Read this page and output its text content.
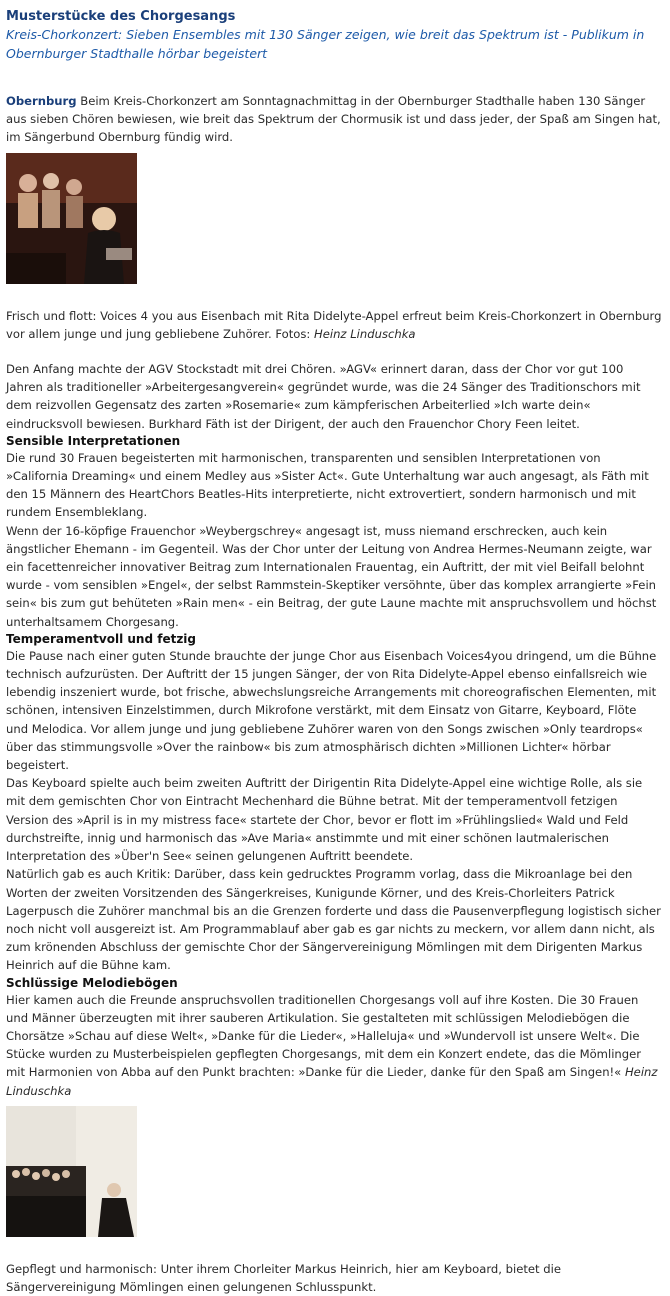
Musterstücke des Chorgesangs

Kreis-Chorkonzert: Sieben Ensembles mit 130 Sänger zeigen, wie breit das Spektrum ist - Publikum in Obernburger Stadthalle hörbar begeistert

Obernburg Beim Kreis-Chorkonzert am Sonntagnachmittag in der Obernburger Stadthalle haben 130 Sänger aus sieben Chören bewiesen, wie breit das Spektrum der Chormusik ist und dass jeder, der Spaß am Singen hat, im Sängerbund Obernburg fündig wird.

Frisch und flott: Voices 4 you aus Eisenbach mit Rita Didelyte-Appel erfreut beim Kreis-Chorkonzert in Obernburg vor allem junge und jung gebliebene Zuhörer. Fotos: Heinz Linduschka

Den Anfang machte der AGV Stockstadt mit drei Chören. »AGV« erinnert daran, dass der Chor vor gut 100 Jahren als traditioneller »Arbeitergesangverein« gegründet wurde, was die 24 Sänger des Traditionschors mit dem reizvollen Gegensatz des zarten »Rosemarie« zum kämpferischen Arbeiterlied »Ich warte dein« eindrucksvoll bewiesen. Burkhard Fäth ist der Dirigent, der auch den Frauenchor Chory Feen leitet.

Sensible Interpretationen

Die rund 30 Frauen begeisterten mit harmonischen, transparenten und sensiblen Interpretationen von »California Dreaming« und einem Medley aus »Sister Act«. Gute Unterhaltung war auch angesagt, als Fäth mit den 15 Männern des HeartChors Beatles-Hits interpretierte, nicht extrovertiert, sondern harmonisch und mit rundem Ensembleklang.

Wenn der 16-köpfige Frauenchor »Weybergschrey« angesagt ist, muss niemand erschrecken, auch kein ängstlicher Ehemann - im Gegenteil. Was der Chor unter der Leitung von Andrea Hermes-Neumann zeigte, war ein facettenreicher innovativer Beitrag zum Internationalen Frauentag, ein Auftritt, der mit viel Beifall belohnt wurde - vom sensiblen »Engel«, der selbst Rammstein-Skeptiker versöhnte, über das komplex arrangierte »Fein sein« bis zum gut behüteten »Rain men« - ein Beitrag, der gute Laune machte mit anspruchsvollem und höchst unterhaltsamem Chorgesang.

Temperamentvoll und fetzig

Die Pause nach einer guten Stunde brauchte der junge Chor aus Eisenbach Voices4you dringend, um die Bühne technisch aufzurüsten. Der Auftritt der 15 jungen Sänger, der von Rita Didelyte-Appel ebenso einfallsreich wie lebendig inszeniert wurde, bot frische, abwechslungsreiche Arrangements mit choreografischen Elementen, mit schönen, intensiven Einzelstimmen, durch Mikrofone verstärkt, mit dem Einsatz von Gitarre, Keyboard, Flöte und Melodica. Vor allem junge und jung gebliebene Zuhörer waren von den Songs zwischen »Only teardrops« über das stimmungsvolle »Over the rainbow« bis zum atmosphärisch dichten »Millionen Lichter« hörbar begeistert.

Das Keyboard spielte auch beim zweiten Auftritt der Dirigentin Rita Didelyte-Appel eine wichtige Rolle, als sie mit dem gemischten Chor von Eintracht Mechenhard die Bühne betrat. Mit der temperamentvoll fetzigen Version des »April is in my mistress face« startete der Chor, bevor er flott im »Frühlingslied« Wald und Feld durchstreifte, innig und harmonisch das »Ave Maria« anstimmte und mit einer schönen lautmalerischen Interpretation des »Über'n See« seinen gelungenen Auftritt beendete.

Natürlich gab es auch Kritik: Darüber, dass kein gedrucktes Programm vorlag, dass die Mikroanlage bei den Worten der zweiten Vorsitzenden des Sängerkreises, Kunigunde Körner, und des Kreis-Chorleiters Patrick Lagerpusch die Zuhörer manchmal bis an die Grenzen forderte und dass die Pausenverpflegung logistisch sicher noch nicht voll ausgereizt ist. Am Programmablauf aber gab es gar nichts zu meckern, vor allem dann nicht, als zum krönenden Abschluss der gemischte Chor der Sängervereinigung Mömlingen mit dem Dirigenten Markus Heinrich auf die Bühne kam.

Schlüssige Melodiebögen

Hier kamen auch die Freunde anspruchsvollen traditionellen Chorgesangs voll auf ihre Kosten. Die 30 Frauen und Männer überzeugten mit ihrer sauberen Artikulation. Sie gestalteten mit schlüssigen Melodiebögen die Chorsätze »Schau auf diese Welt«, »Danke für die Lieder«, »Halleluja« und »Wundervoll ist unsere Welt«. Die Stücke wurden zu Musterbeispielen gepflegten Chorgesangs, mit dem ein Konzert endete, das die Mömlinger mit Harmonien von Abba auf den Punkt brachten: »Danke für die Lieder, danke für den Spaß am Singen!« Heinz Linduschka

Gepflegt und harmonisch: Unter ihrem Chorleiter Markus Heinrich, hier am Keyboard, bietet die Sängervereinigung Mömlingen einen gelungenen Schlusspunkt.
